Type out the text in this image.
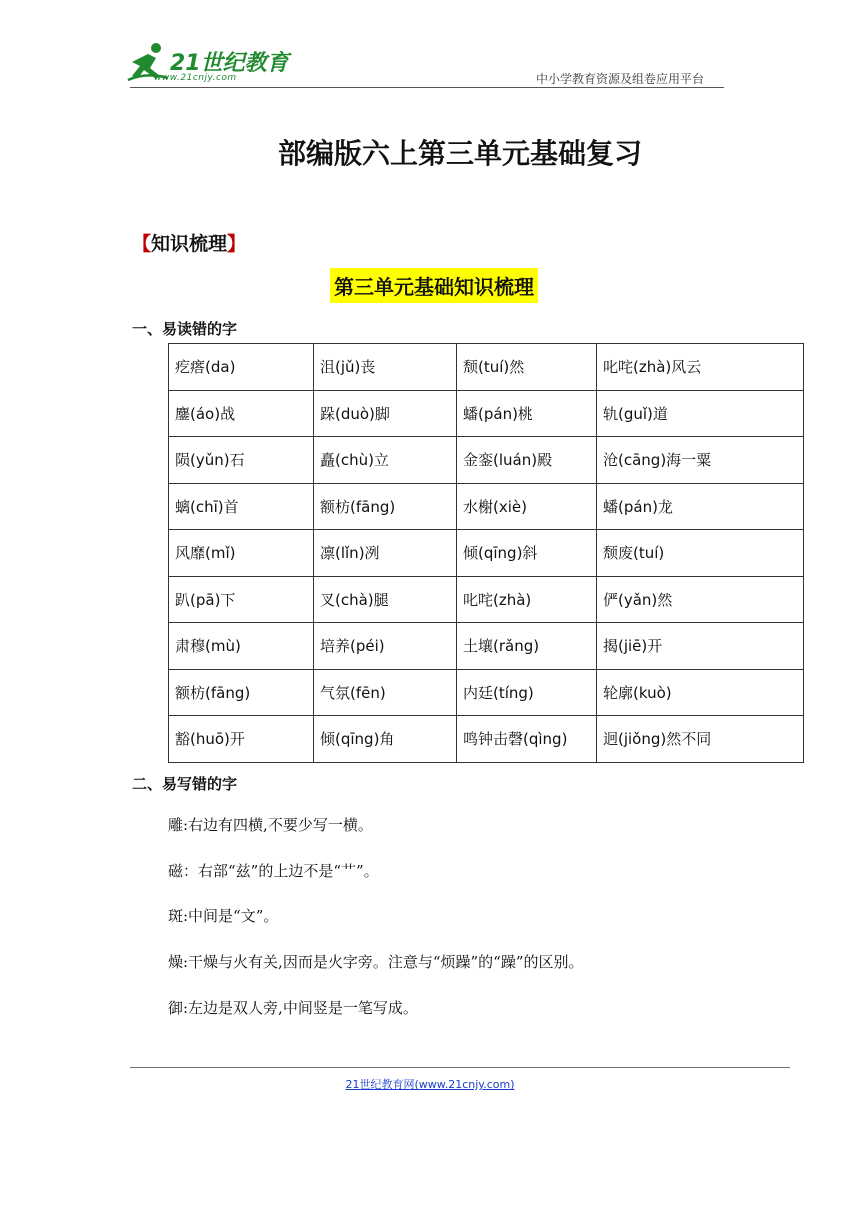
21世纪教育
www.21cnjy.com	中小学教育资源及组卷应用平台
部编版六上第三单元基础复习
【知识梳理】
第三单元基础知识梳理
一、易读错的字
疙瘩(da)	沮(jǔ)丧	颓(tuí)然	叱咤(zhà)风云
鏖(áo)战	跺(duò)脚	蟠(pán)桃	轨(guǐ)道
陨(yǔn)石	矗(chù)立	金銮(luán)殿	沧(cāng)海一粟
螭(chī)首	额枋(fāng)	水榭(xiè)	蟠(pán)龙
风靡(mǐ)	凛(lǐn)冽	倾(qīng)斜	颓废(tuí)
趴(pā)下	叉(chà)腿	叱咤(zhà)	俨(yǎn)然
肃穆(mù)	培养(péi)	土壤(rǎng)	揭(jiē)开
额枋(fāng)	气氛(fēn)	内廷(tíng)	轮廓(kuò)
豁(huō)开	倾(qīng)角	鸣钟击磬(qìng)	迥(jiǒng)然不同
二、易写错的字
雕:右边有四横,不要少写一横。
磁：右部“兹”的上边不是“艹”。
斑:中间是“文”。
燥:干燥与火有关,因而是火字旁。注意与“烦躁”的“躁”的区别。
御:左边是双人旁,中间竖是一笔写成。
21世纪教育网(www.21cnjy.com)
